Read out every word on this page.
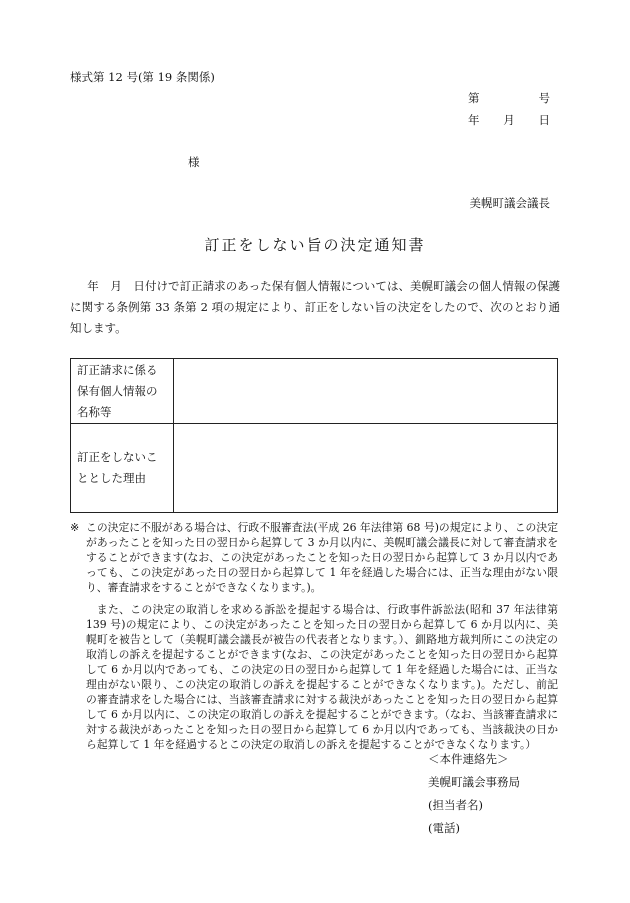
様式第 12 号(第 19 条関係)
第	号
年 月 日
様
美幌町議会議長
訂正をしない旨の決定通知書
年　月　日付けで訂正請求のあった保有個人情報については、美幌町議会の個人情報の保護に関する条例第 33 条第 2 項の規定により、訂正をしない旨の決定をしたので、次のとおり通知します。
訂正請求に係る保有個人情報の名称等	
訂正をしないこととした理由	
※ この決定に不服がある場合は、行政不服審査法(平成 26 年法律第 68 号)の規定により、この決定があったことを知った日の翌日から起算して 3 か月以内に、美幌町議会議長に対して審査請求をすることができます(なお、この決定があったことを知った日の翌日から起算して 3 か月以内であっても、この決定があった日の翌日から起算して 1 年を経過した場合には、正当な理由がない限り、審査請求をすることができなくなります。)。

また、この決定の取消しを求める訴訟を提起する場合は、行政事件訴訟法(昭和 37 年法律第 139 号)の規定により、この決定があったことを知った日の翌日から起算して 6 か月以内に、美幌町を被告として（美幌町議会議長が被告の代表者となります。）、釧路地方裁判所にこの決定の取消しの訴えを提起することができます(なお、この決定があったことを知った日の翌日から起算して 6 か月以内であっても、この決定の日の翌日から起算して 1 年を経過した場合には、正当な理由がない限り、この決定の取消しの訴えを提起することができなくなります。)。ただし、前記の審査請求をした場合には、当該審査請求に対する裁決があったことを知った日の翌日から起算して 6 か月以内に、この決定の取消しの訴えを提起することができます。（なお、当該審査請求に対する裁決があったことを知った日の翌日から起算して 6 か月以内であっても、当該裁決の日から起算して 1 年を経過するとこの決定の取消しの訴えを提起することができなくなります。）

＜本件連絡先＞
美幌町議会事務局
(担当者名)
(電話)
